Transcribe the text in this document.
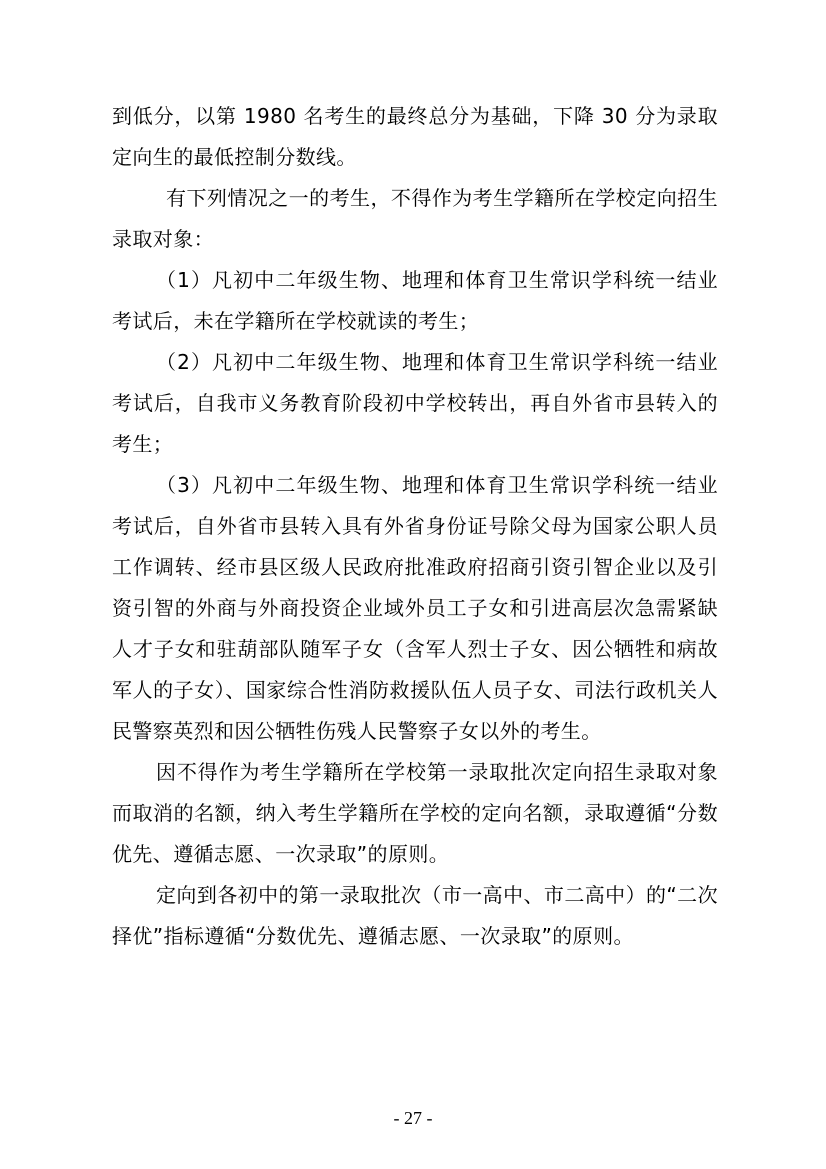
到低分，以第 1980 名考生的最终总分为基础，下降 30 分为录取定向生的最低控制分数线。

有下列情况之一的考生，不得作为考生学籍所在学校定向招生录取对象：

（1）凡初中二年级生物、地理和体育卫生常识学科统一结业考试后，未在学籍所在学校就读的考生；

（2）凡初中二年级生物、地理和体育卫生常识学科统一结业考试后，自我市义务教育阶段初中学校转出，再自外省市县转入的考生；

（3）凡初中二年级生物、地理和体育卫生常识学科统一结业考试后，自外省市县转入具有外省身份证号除父母为国家公职人员工作调转、经市县区级人民政府批准政府招商引资引智企业以及引资引智的外商与外商投资企业域外员工子女和引进高层次急需紧缺人才子女和驻葫部队随军子女（含军人烈士子女、因公牺牲和病故军人的子女）、国家综合性消防救援队伍人员子女、司法行政机关人民警察英烈和因公牺牲伤残人民警察子女以外的考生。

因不得作为考生学籍所在学校第一录取批次定向招生录取对象而取消的名额，纳入考生学籍所在学校的定向名额，录取遵循“分数优先、遵循志愿、一次录取”的原则。

定向到各初中的第一录取批次（市一高中、市二高中）的“二次择优”指标遵循“分数优先、遵循志愿、一次录取”的原则。

- 27 -
